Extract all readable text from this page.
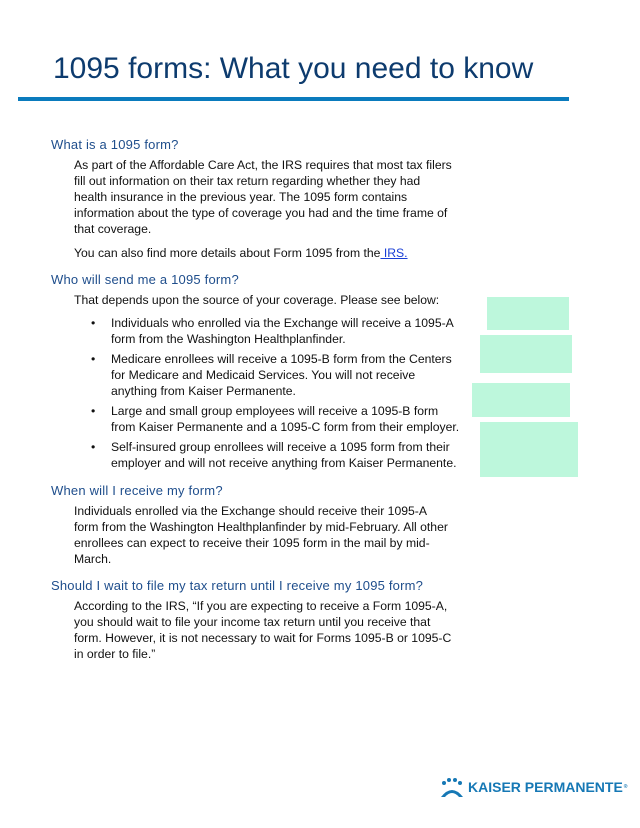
1095 forms: What you need to know
What is a 1095 form?
As part of the Affordable Care Act, the IRS requires that most tax filers fill out information on their tax return regarding whether they had health insurance in the previous year. The 1095 form contains information about the type of coverage you had and the time frame of that coverage.
You can also find more details about Form 1095 from the IRS.
Who will send me a 1095 form?
That depends upon the source of your coverage. Please see below:
• Individuals who enrolled via the Exchange will receive a 1095-A form from the Washington Healthplanfinder.
• Medicare enrollees will receive a 1095-B form from the Centers for Medicare and Medicaid Services. You will not receive anything from Kaiser Permanente.
• Large and small group employees will receive a 1095-B form from Kaiser Permanente and a 1095-C form from their employer.
• Self-insured group enrollees will receive a 1095 form from their employer and will not receive anything from Kaiser Permanente.
When will I receive my form?
Individuals enrolled via the Exchange should receive their 1095-A form from the Washington Healthplanfinder by mid-February. All other enrollees can expect to receive their 1095 form in the mail by mid-March.
Should I wait to file my tax return until I receive my 1095 form?
According to the IRS, “If you are expecting to receive a Form 1095-A, you should wait to file your income tax return until you receive that form. However, it is not necessary to wait for Forms 1095-B or 1095-C in order to file.”
KAISER PERMANENTE ®
